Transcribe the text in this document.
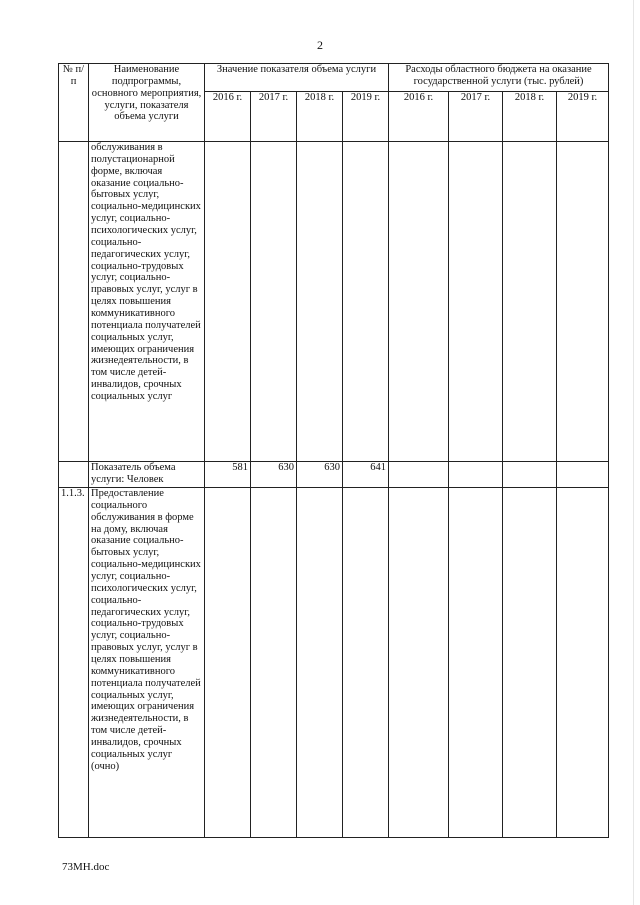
2
№ п/п	Наименование подпрограммы, основного мероприятия, услуги, показателя объема услуги	Значение показателя объема услуги				Расходы областного бюджета на оказание государственной услуги (тыс. рублей)			
		2016 г.	2017 г.	2018 г.	2019 г.	2016 г.	2017 г.	2018 г.	2019 г.
	обслуживания в полустационарной форме, включая оказание социально-бытовых услуг, социально-медицинских услуг, социально-психологических услуг, социально-педагогических услуг, социально-трудовых услуг, социально-правовых услуг, услуг в целях повышения коммуникативного потенциала получателей социальных услуг, имеющих ограничения жизнедеятельности, в том числе детей-инвалидов, срочных социальных услуг								
	Показатель объема услуги: Человек	581	630	630	641				
1.1.3.	Предоставление социального обслуживания в форме на дому, включая оказание социально-бытовых услуг, социально-медицинских услуг, социально-психологических услуг, социально-педагогических услуг, социально-трудовых услуг, социально-правовых услуг, услуг в целях повышения коммуникативного потенциала получателей социальных услуг, имеющих ограничения жизнедеятельности, в том числе детей-инвалидов, срочных социальных услуг (очно)								
73МН.doc
